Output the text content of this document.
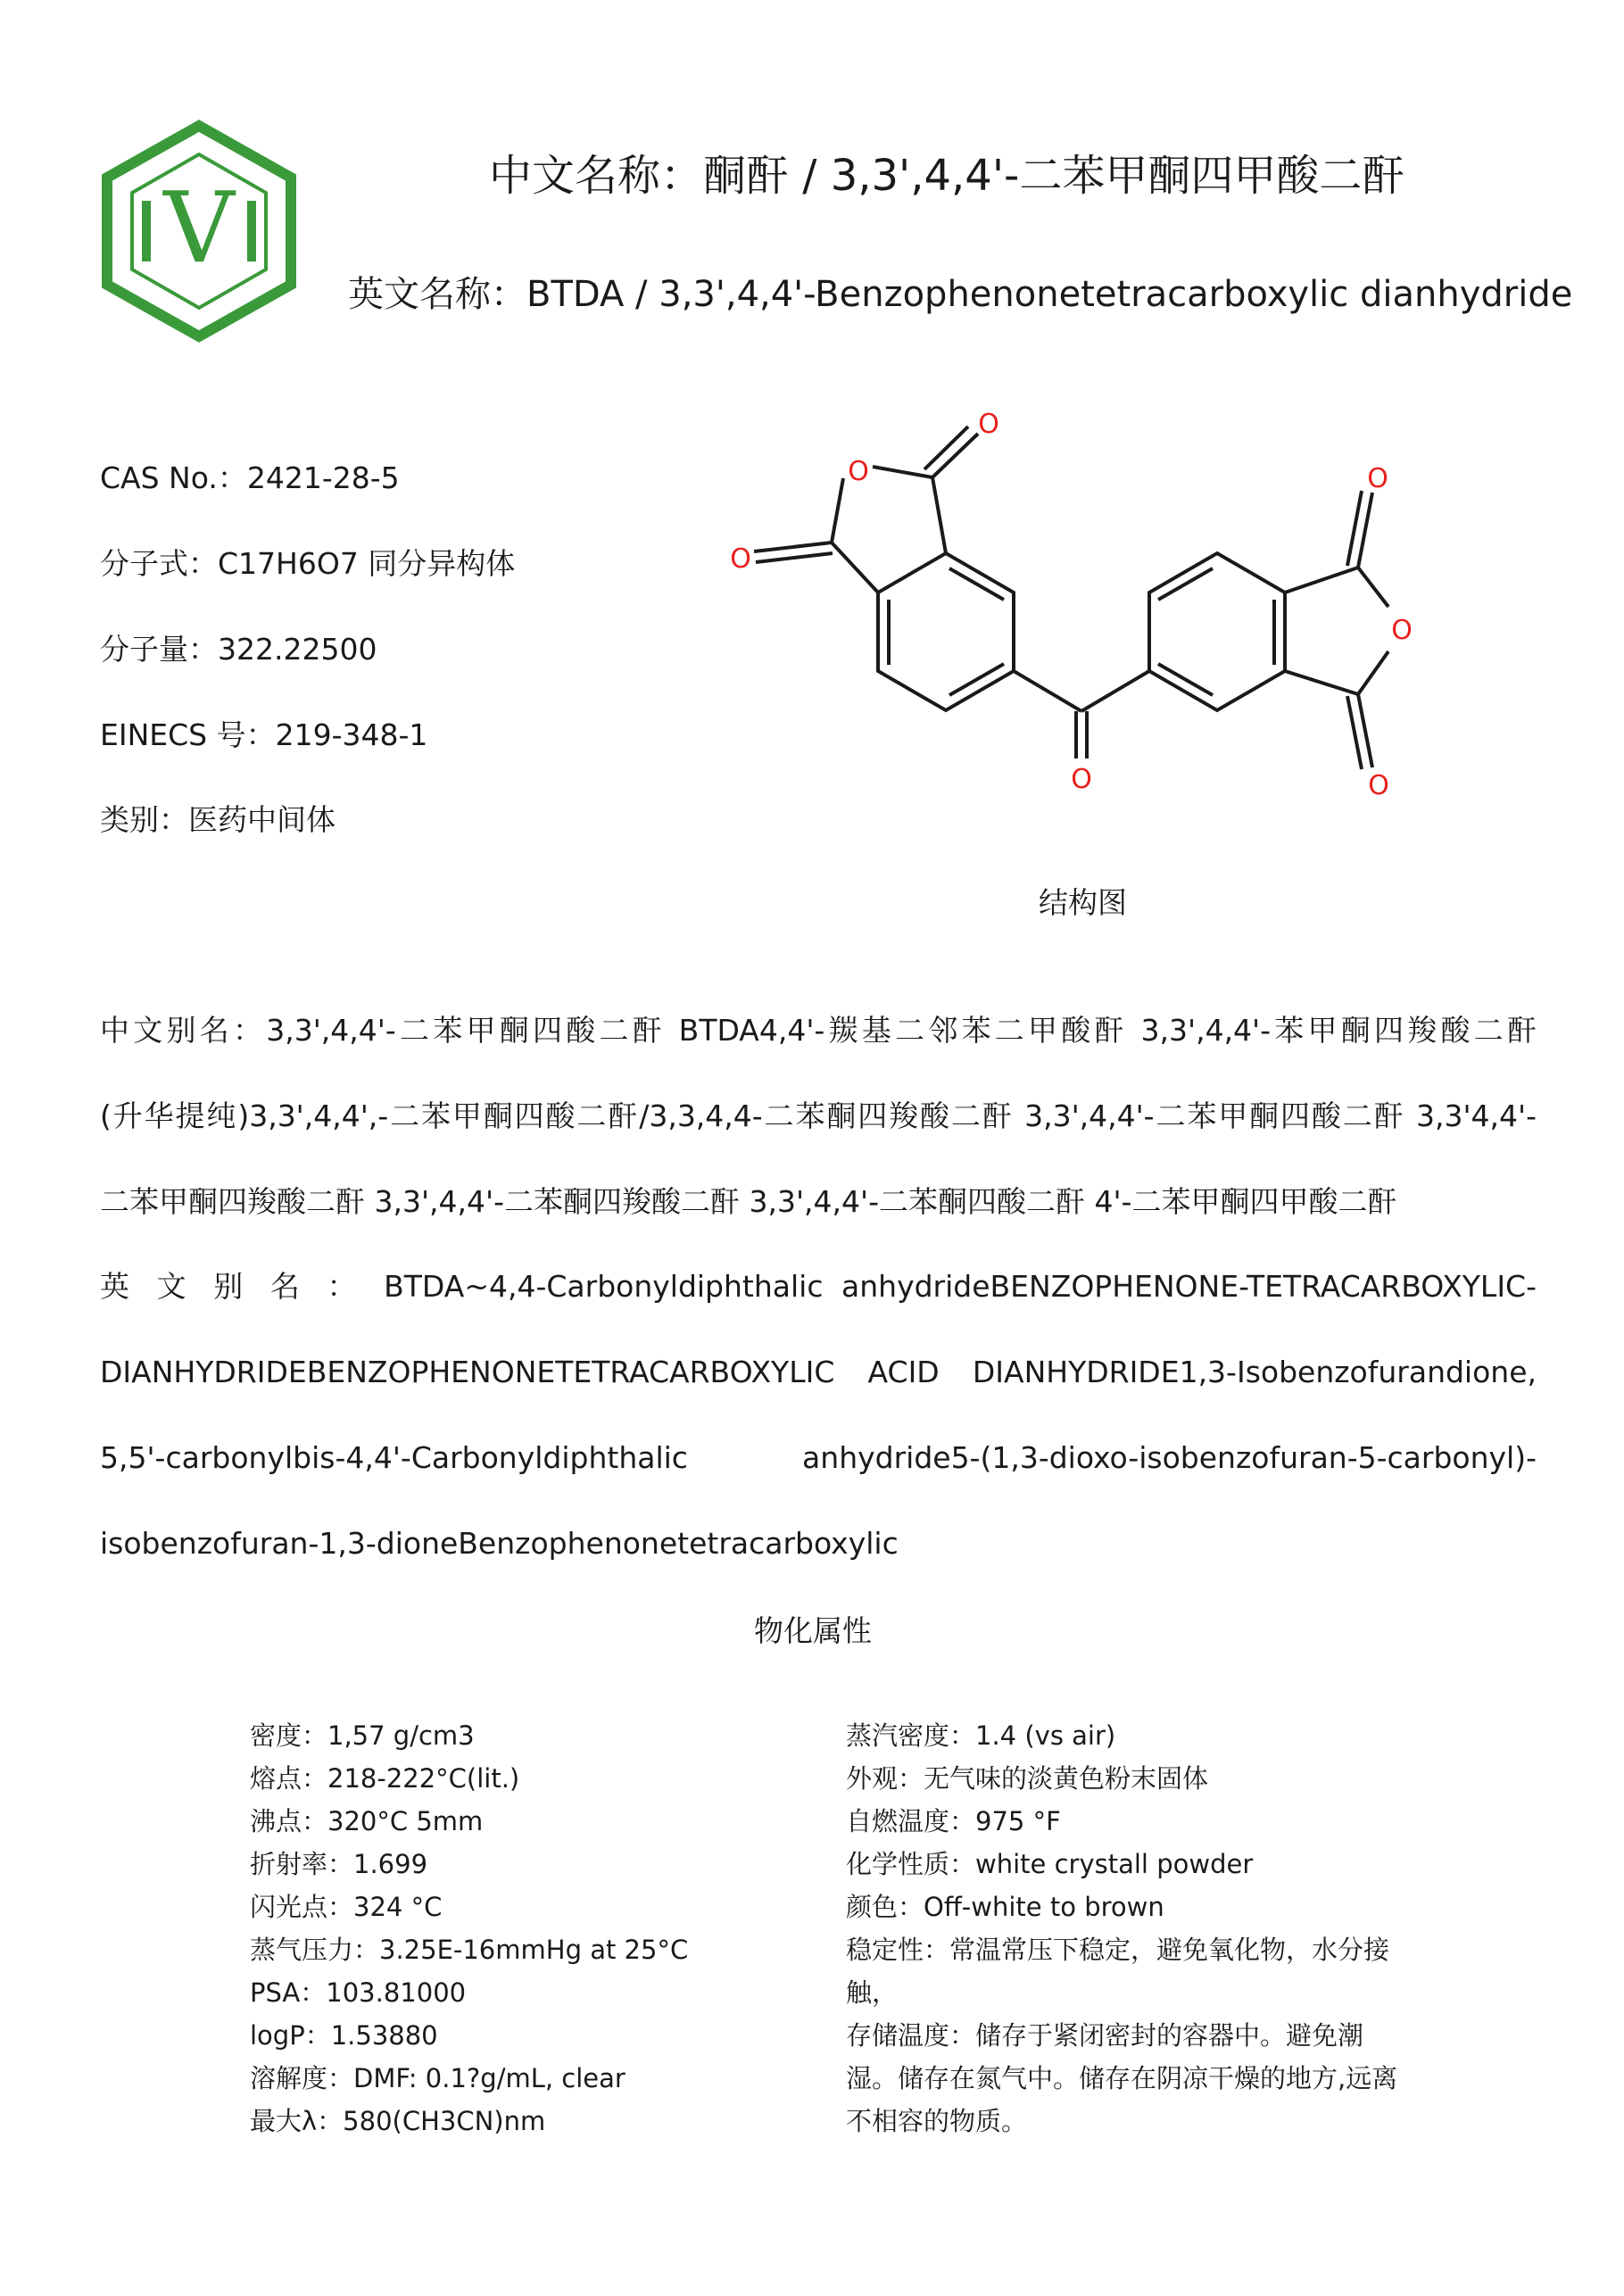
V	中文名称：酮酐 / 3,3',4,4'-二苯甲酮四甲酸二酐
英文名称：BTDA / 3,3',4,4'-Benzophenonetetracarboxylic dianhydride
CAS No.：2421-28-5
分子式：C17H6O7 同分异构体
分子量：322.22500
EINECS 号：219-348-1
类别：医药中间体
O
O
O
O
O
O
O
结构图

中文别名：3,3',4,4'-二苯甲酮四酸二酐 BTDA4,4'-羰基二邻苯二甲酸酐 3,3',4,4'-苯甲酮四羧酸二酐

(升华提纯)3,3',4,4',-二苯甲酮四酸二酐/3,3,4,4-二苯酮四羧酸二酐 3,3',4,4'-二苯甲酮四酸二酐 3,3'4,4'-

二苯甲酮四羧酸二酐 3,3',4,4'-二苯酮四羧酸二酐 3,3',4,4'-二苯酮四酸二酐 4'-二苯甲酮四甲酸二酐

英 文 别 名 ： BTDA~4,4-Carbonyldiphthalic anhydrideBENZOPHENONE-TETRACARBOXYLIC-

DIANHYDRIDEBENZOPHENONETETRACARBOXYLIC ACID DIANHYDRIDE1,3-Isobenzofurandione,

5,5'-carbonylbis-4,4'-Carbonyldiphthalic anhydride5-(1,3-dioxo-isobenzofuran-5-carbonyl)-

isobenzofuran-1,3-dioneBenzophenonetetracarboxylic

物化属性
密度：1,57 g/cm3
熔点：218-222°C(lit.)
沸点：320°C 5mm
折射率：1.699
闪光点：324 °C
蒸气压力：3.25E-16mmHg at 25°C
PSA：103.81000
logP：1.53880
溶解度：DMF: 0.1?g/mL, clear
最大λ：580(CH3CN)nm
蒸汽密度：1.4 (vs air)
外观：无气味的淡黄色粉末固体
自燃温度：975 °F
化学性质：white crystall powder
颜色：Off-white to brown
稳定性：常温常压下稳定，避免氧化物，水分接触，
存储温度：储存于紧闭密封的容器中。避免潮湿。储存在氮气中。储存在阴凉干燥的地方,远离不相容的物质。
